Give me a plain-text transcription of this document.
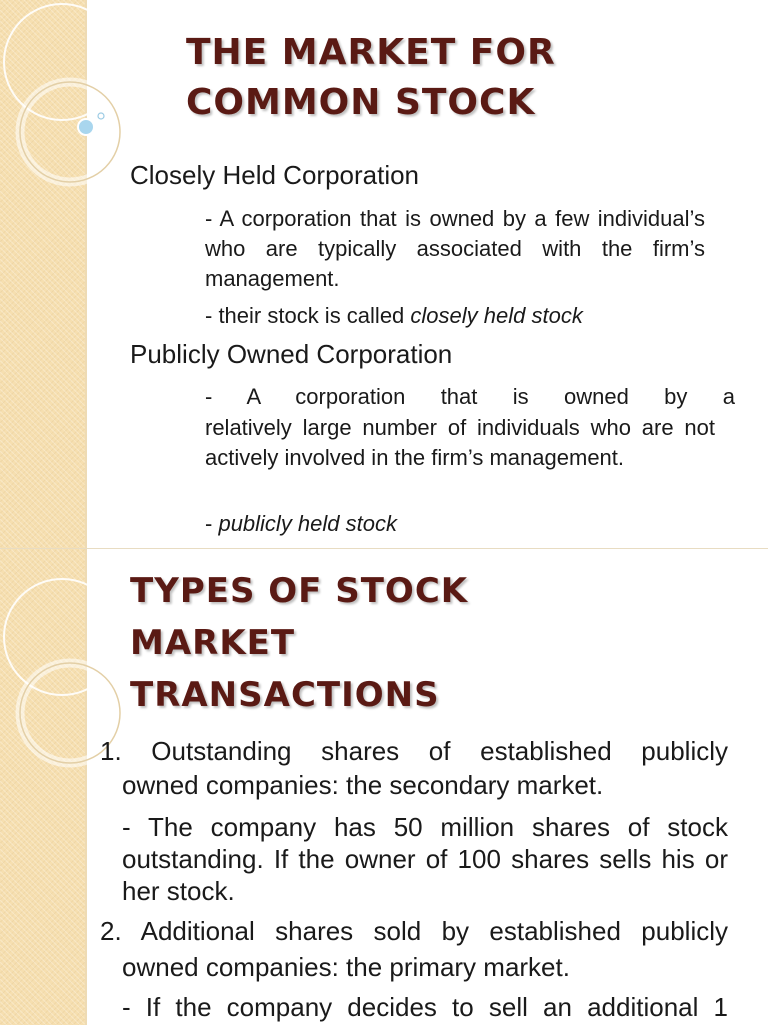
THE MARKET FOR
COMMON STOCK
Closely Held Corporation
- A corporation that is owned by a few individual’s who are typically associated with the firm’s management.
- their stock is called closely held stock
Publicly Owned Corporation
- A corporation that is owned by a
relatively large number of individuals who are not actively involved in the firm’s management.
- publicly held stock
TYPES OF STOCK
MARKET
TRANSACTIONS
1. Outstanding shares of established publicly
owned companies: the secondary market.
- The company has 50 million shares of stock outstanding. If the owner of 100 shares sells his or her stock.
2. Additional shares sold by established publicly
owned companies: the primary market.
- If the company decides to sell an additional 1
